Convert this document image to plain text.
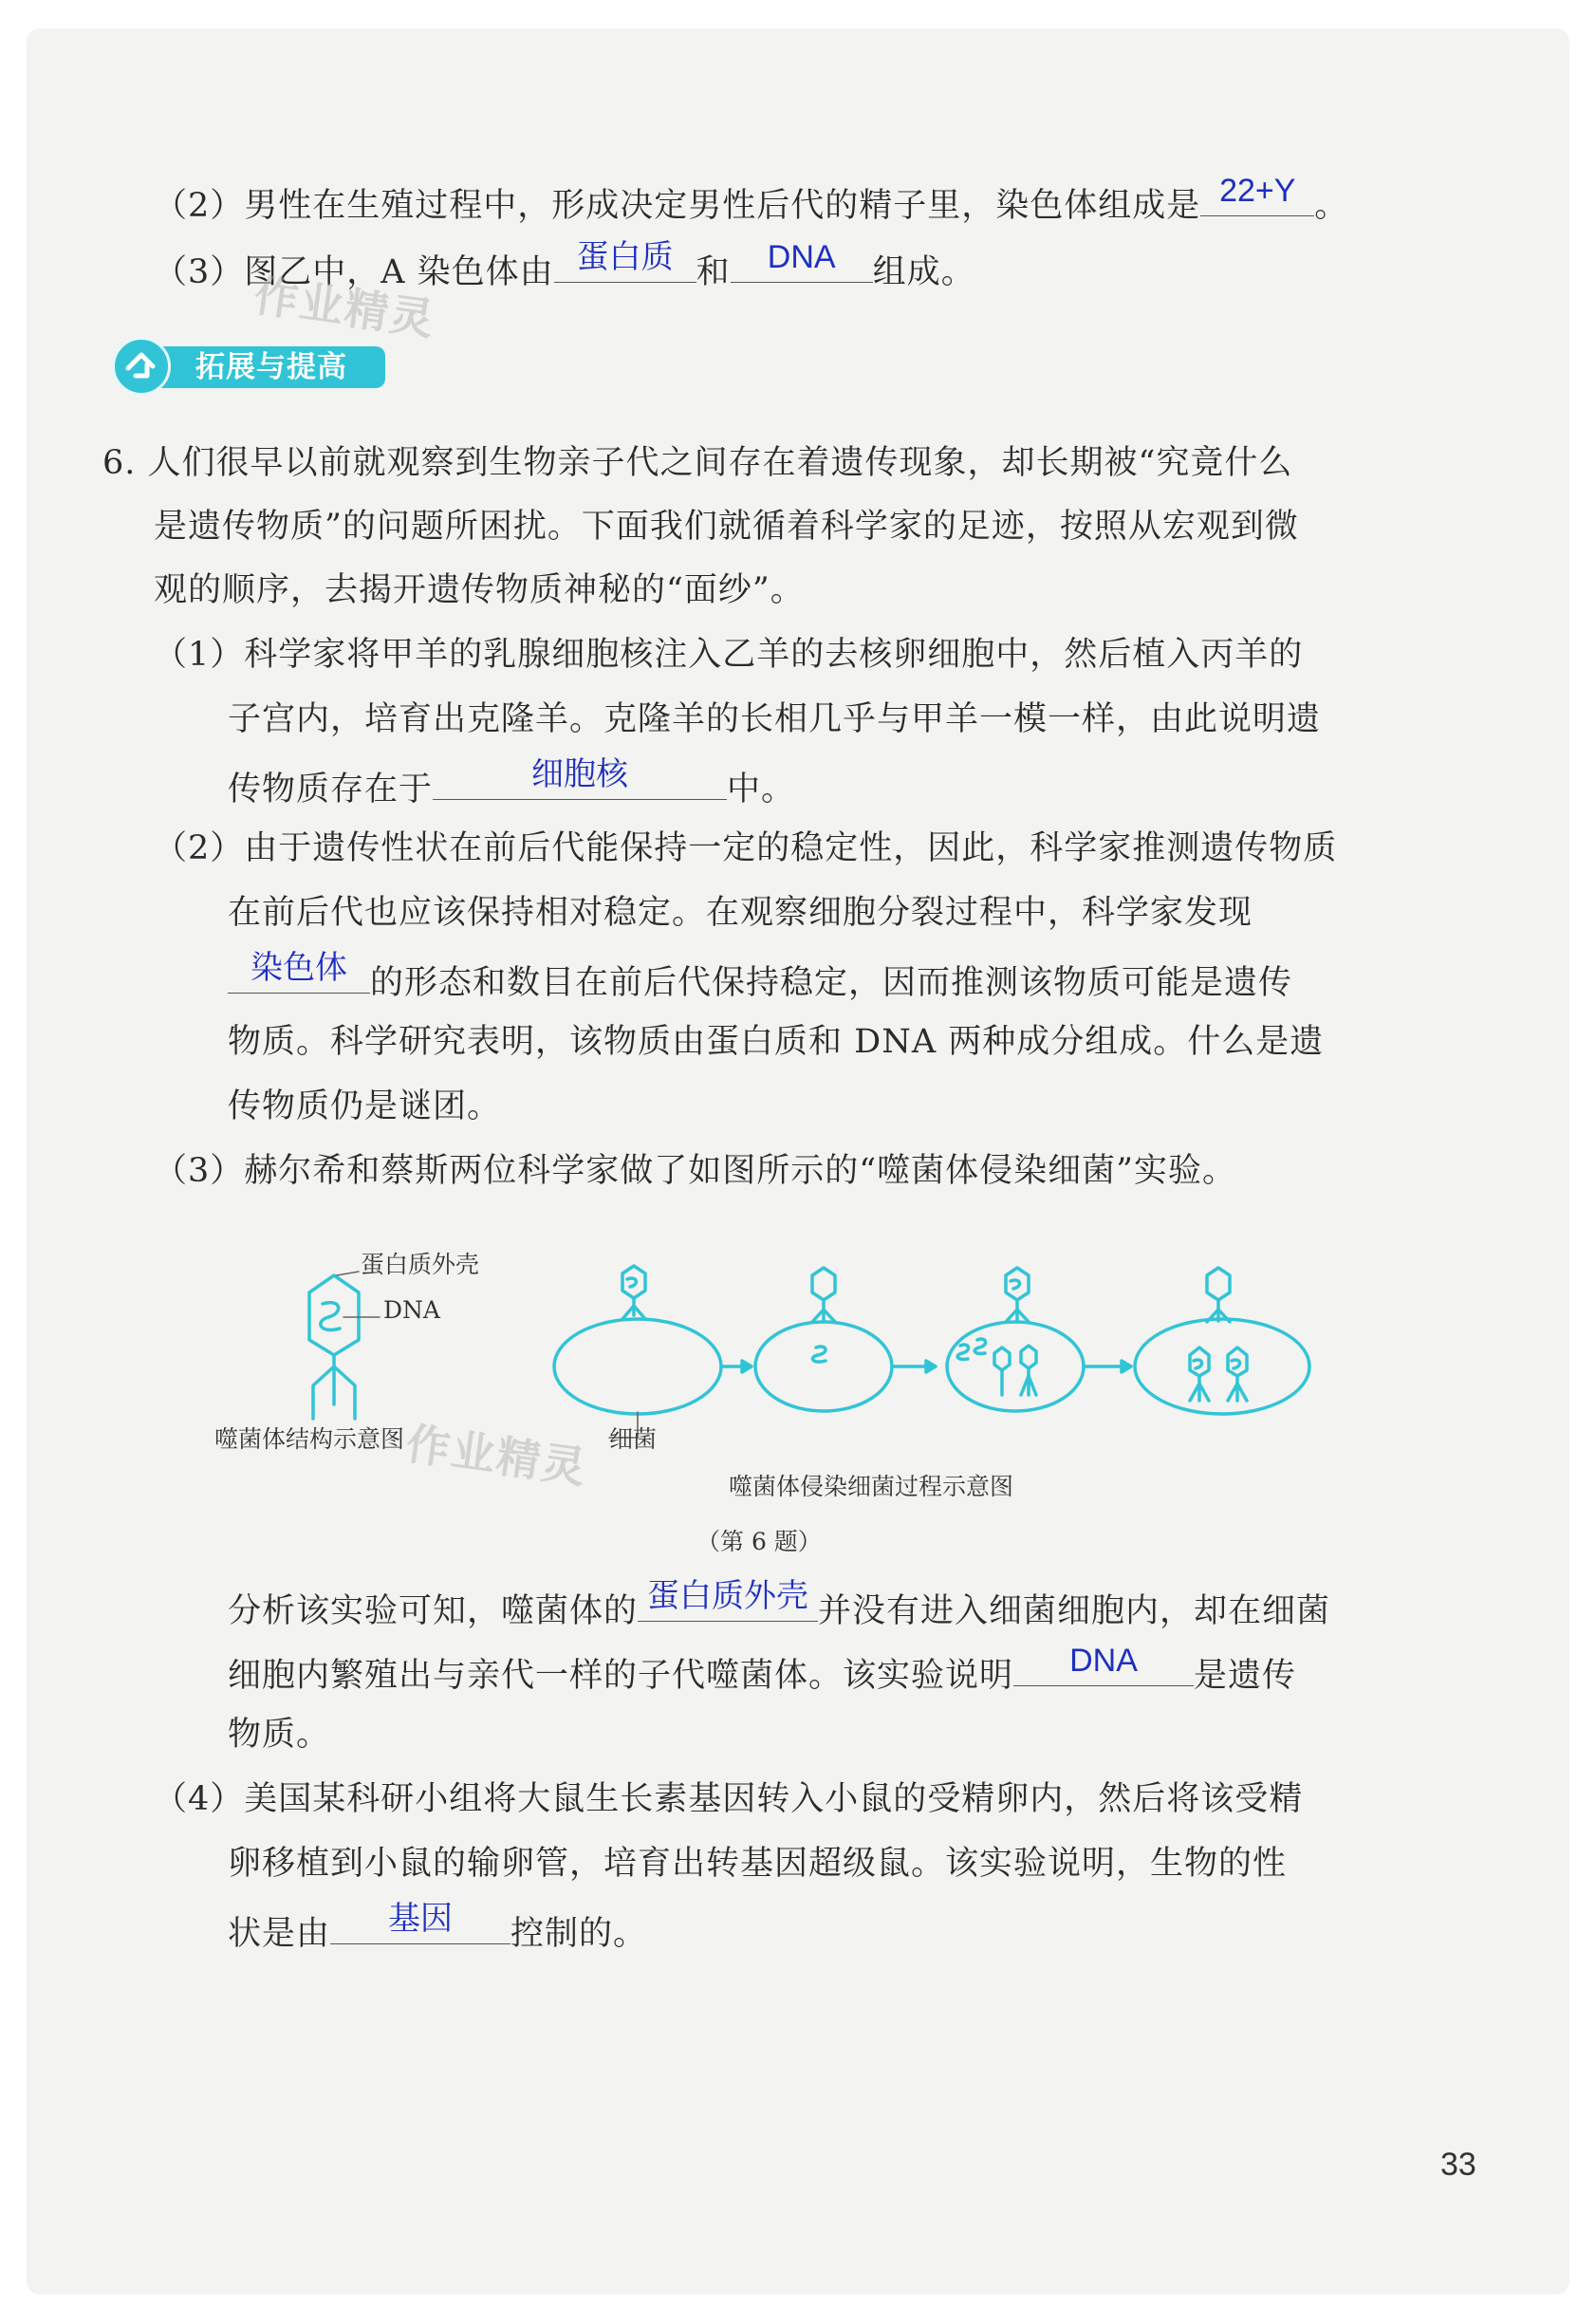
（2）男性在生殖过程中，形成决定男性后代的精子里，染色体组成是 22+Y 。
（3）图乙中，A 染色体由 蛋白质 和	DNA	组成。
作业精灵
拓展与提高
6. 人们很早以前就观察到生物亲子代之间存在着遗传现象，却长期被“究竟什么
是遗传物质”的问题所困扰。下面我们就循着科学家的足迹，按照从宏观到微
观的顺序，去揭开遗传物质神秘的“面纱”。
（1）科学家将甲羊的乳腺细胞核注入乙羊的去核卵细胞中，然后植入丙羊的
子宫内，培育出克隆羊。克隆羊的长相几乎与甲羊一模一样，由此说明遗
传物质存在于	细胞核	中。
（2）由于遗传性状在前后代能保持一定的稳定性，因此，科学家推测遗传物质
在前后代也应该保持相对稳定。在观察细胞分裂过程中，科学家发现
染色体 的形态和数目在前后代保持稳定，因而推测该物质可能是遗传
物质。科学研究表明，该物质由蛋白质和 DNA 两种成分组成。什么是遗
传物质仍是谜团。
（3）赫尔希和蔡斯两位科学家做了如图所示的“噬菌体侵染细菌”实验。
蛋白质外壳
DNA
噬菌体结构示意图	细菌
噬菌体侵染细菌过程示意图
（第 6 题）
作业精灵
分析该实验可知，噬菌体的 蛋白质外壳 并没有进入细菌细胞内，却在细菌
细胞内繁殖出与亲代一样的子代噬菌体。该实验说明	DNA	是遗传
物质。
（4）美国某科研小组将大鼠生长素基因转入小鼠的受精卵内，然后将该受精
卵移植到小鼠的输卵管，培育出转基因超级鼠。该实验说明，生物的性
状是由	基因	控制的。
33
